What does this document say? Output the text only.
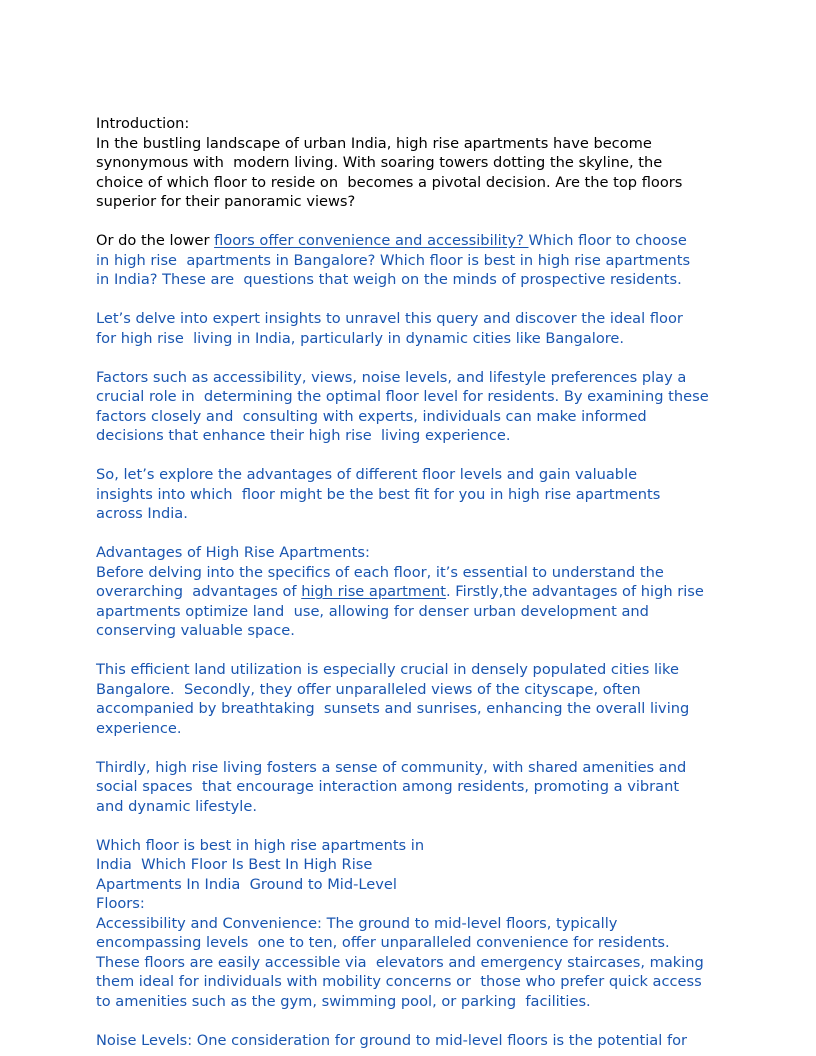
Introduction:
In the bustling landscape of urban India, high rise apartments have become
synonymous with  modern living. With soaring towers dotting the skyline, the
choice of which floor to reside on  becomes a pivotal decision. Are the top floors
superior for their panoramic views?
Or do the lower floors offer convenience and accessibility? Which floor to choose
in high rise  apartments in Bangalore? Which floor is best in high rise apartments
in India? These are  questions that weigh on the minds of prospective residents.
Let’s delve into expert insights to unravel this query and discover the ideal floor
for high rise  living in India, particularly in dynamic cities like Bangalore.
Factors such as accessibility, views, noise levels, and lifestyle preferences play a
crucial role in  determining the optimal floor level for residents. By examining these
factors closely and  consulting with experts, individuals can make informed
decisions that enhance their high rise  living experience.
So, let’s explore the advantages of different floor levels and gain valuable
insights into which  floor might be the best fit for you in high rise apartments
across India.
Advantages of High Rise Apartments:
Before delving into the specifics of each floor, it’s essential to understand the
overarching  advantages of high rise apartment. Firstly,the advantages of high rise
apartments optimize land  use, allowing for denser urban development and
conserving valuable space.
This efficient land utilization is especially crucial in densely populated cities like
Bangalore.  Secondly, they offer unparalleled views of the cityscape, often
accompanied by breathtaking  sunsets and sunrises, enhancing the overall living
experience.
Thirdly, high rise living fosters a sense of community, with shared amenities and
social spaces  that encourage interaction among residents, promoting a vibrant
and dynamic lifestyle.
Which floor is best in high rise apartments in
India  Which Floor Is Best In High Rise
Apartments In India  Ground to Mid-Level
Floors:
Accessibility and Convenience: The ground to mid-level floors, typically
encompassing levels  one to ten, offer unparalleled convenience for residents.
These floors are easily accessible via  elevators and emergency staircases, making
them ideal for individuals with mobility concerns or  those who prefer quick access
to amenities such as the gym, swimming pool, or parking  facilities.
Noise Levels: One consideration for ground to mid-level floors is the potential for
